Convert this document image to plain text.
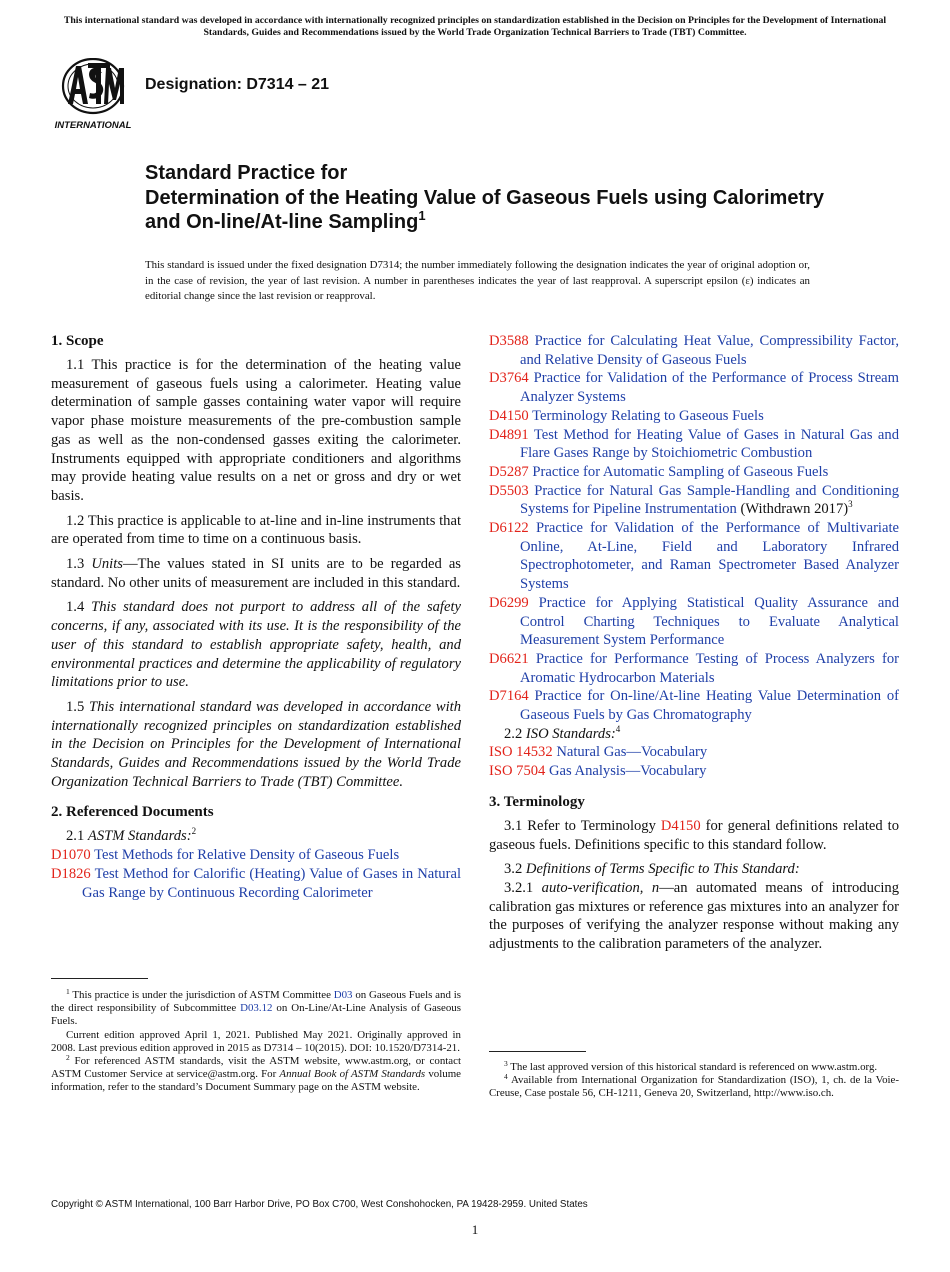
This international standard was developed in accordance with internationally recognized principles on standardization established in the Decision on Principles for the Development of International Standards, Guides and Recommendations issued by the World Trade Organization Technical Barriers to Trade (TBT) Committee.
INTERNATIONAL
Designation: D7314 – 21
Standard Practice for
Determination of the Heating Value of Gaseous Fuels using Calorimetry and On-line/At-line Sampling$^1$
This standard is issued under the fixed designation D7314; the number immediately following the designation indicates the year of original adoption or, in the case of revision, the year of last revision. A number in parentheses indicates the year of last reapproval. A superscript epsilon (ε) indicates an editorial change since the last revision or reapproval.
1. Scope

1.1 This practice is for the determination of the heating value measurement of gaseous fuels using a calorimeter. Heating value determination of sample gasses containing water vapor will require vapor phase moisture measurements of the pre-combustion sample gas as well as the non-condensed gasses exiting the calorimeter. Instruments equipped with appropriate conditioners and algorithms may provide heating value results on a net or gross and dry or wet basis.

1.2 This practice is applicable to at-line and in-line instruments that are operated from time to time on a continuous basis.

1.3 Units—The values stated in SI units are to be regarded as standard. No other units of measurement are included in this standard.

1.4 This standard does not purport to address all of the safety concerns, if any, associated with its use. It is the responsibility of the user of this standard to establish appropriate safety, health, and environmental practices and determine the applicability of regulatory limitations prior to use.

1.5 This international standard was developed in accordance with internationally recognized principles on standardization established in the Decision on Principles for the Development of International Standards, Guides and Recommendations issued by the World Trade Organization Technical Barriers to Trade (TBT) Committee.

2. Referenced Documents

2.1 ASTM Standards:$^2$

D1070 Test Methods for Relative Density of Gaseous Fuels
D1826 Test Method for Calorific (Heating) Value of Gases in Natural Gas Range by Continuous Recording Calorimeter
D3588 Practice for Calculating Heat Value, Compressibility Factor, and Relative Density of Gaseous Fuels
D3764 Practice for Validation of the Performance of Process Stream Analyzer Systems
D4150 Terminology Relating to Gaseous Fuels
D4891 Test Method for Heating Value of Gases in Natural Gas and Flare Gases Range by Stoichiometric Combustion
D5287 Practice for Automatic Sampling of Gaseous Fuels
D5503 Practice for Natural Gas Sample-Handling and Conditioning Systems for Pipeline Instrumentation (Withdrawn 2017)$^3$
D6122 Practice for Validation of the Performance of Multivariate Online, At-Line, Field and Laboratory Infrared Spectrophotometer, and Raman Spectrometer Based Analyzer Systems
D6299 Practice for Applying Statistical Quality Assurance and Control Charting Techniques to Evaluate Analytical Measurement System Performance
D6621 Practice for Performance Testing of Process Analyzers for Aromatic Hydrocarbon Materials
D7164 Practice for On-line/At-line Heating Value Determination of Gaseous Fuels by Gas Chromatography

2.2 ISO Standards:$^4$

ISO 14532 Natural Gas—Vocabulary
ISO 7504 Gas Analysis—Vocabulary
3. Terminology

3.1 Refer to Terminology D4150 for general definitions related to gaseous fuels. Definitions specific to this standard follow.

3.2 Definitions of Terms Specific to This Standard:

3.2.1 auto-verification, n—an automated means of introducing calibration gas mixtures or reference gas mixtures into an analyzer for the purposes of verifying the analyzer response without making any adjustments to the calibration parameters of the analyzer.

$^1$ This practice is under the jurisdiction of ASTM Committee D03 on Gaseous Fuels and is the direct responsibility of Subcommittee D03.12 on On-Line/At-Line Analysis of Gaseous Fuels.

Current edition approved April 1, 2021. Published May 2021. Originally approved in 2008. Last previous edition approved in 2015 as D7314 – 10(2015). DOI: 10.1520/D7314-21.

$^2$ For referenced ASTM standards, visit the ASTM website, www.astm.org, or contact ASTM Customer Service at service@astm.org. For Annual Book of ASTM Standards volume information, refer to the standard’s Document Summary page on the ASTM website.

$^3$ The last approved version of this historical standard is referenced on www.astm.org.

$^4$ Available from International Organization for Standardization (ISO), 1, ch. de la Voie-Creuse, Case postale 56, CH-1211, Geneva 20, Switzerland, http://www.iso.ch.

Copyright © ASTM International, 100 Barr Harbor Drive, PO Box C700, West Conshohocken, PA 19428-2959. United States
1
